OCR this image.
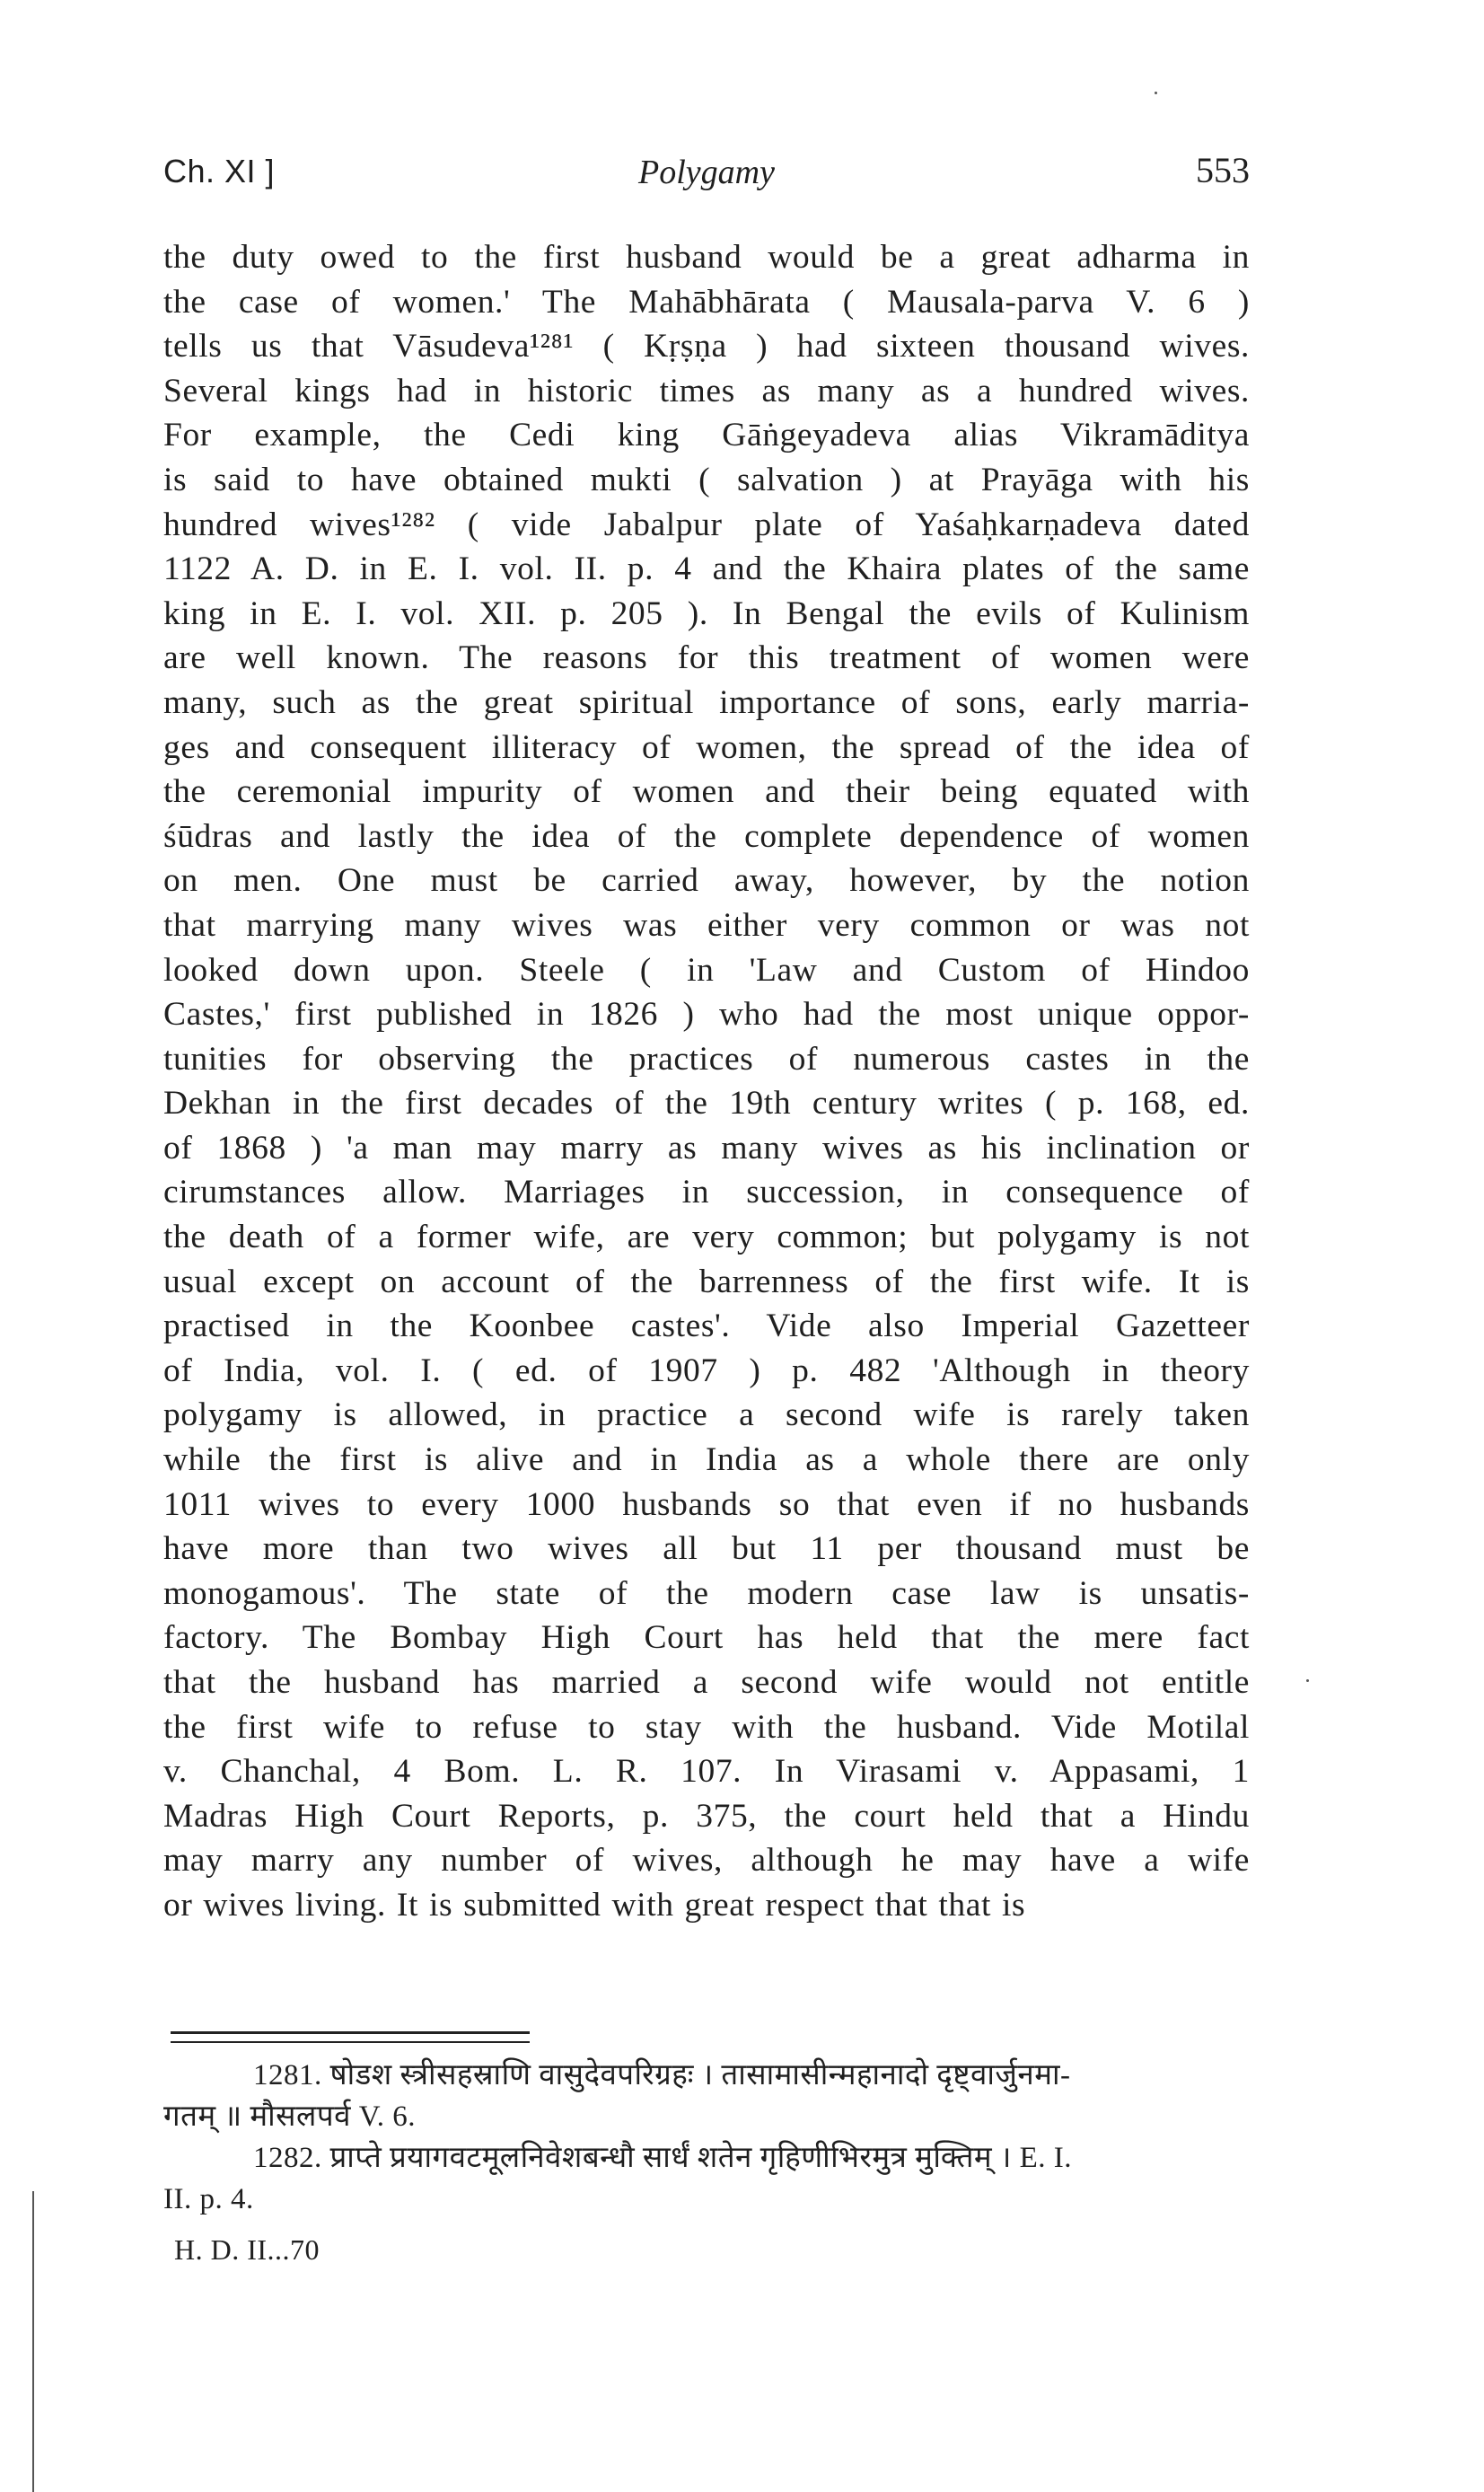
Ch. XI ]	Polygamy	553
the duty owed to the first husband would be a great adharma in
the case of women.' The Mahābhārata ( Mausala-parva V. 6 )
tells us that Vāsudeva¹²⁸¹ ( Kṛṣṇa ) had sixteen thousand wives.
Several kings had in historic times as many as a hundred wives.
For example, the Cedi king Gāṅgeyadeva alias Vikramāditya
is said to have obtained mukti ( salvation ) at Prayāga with his
hundred wives¹²⁸² ( vide Jabalpur plate of Yaśaḥkarṇadeva dated
1122 A. D. in E. I. vol. II. p. 4 and the Khaira plates of the same
king in E. I. vol. XII. p. 205 ). In Bengal the evils of Kulinism
are well known. The reasons for this treatment of women were
many, such as the great spiritual importance of sons, early marria-
ges and consequent illiteracy of women, the spread of the idea of
the ceremonial impurity of women and their being equated with
śūdras and lastly the idea of the complete dependence of women
on men. One must be carried away, however, by the notion
that marrying many wives was either very common or was not
looked down upon. Steele ( in 'Law and Custom of Hindoo
Castes,' first published in 1826 ) who had the most unique oppor-
tunities for observing the practices of numerous castes in the
Dekhan in the first decades of the 19th century writes ( p. 168, ed.
of 1868 ) 'a man may marry as many wives as his inclination or
cirumstances allow. Marriages in succession, in consequence of
the death of a former wife, are very common; but polygamy is not
usual except on account of the barrenness of the first wife. It is
practised in the Koonbee castes'. Vide also Imperial Gazetteer
of India, vol. I. ( ed. of 1907 ) p. 482 'Although in theory
polygamy is allowed, in practice a second wife is rarely taken
while the first is alive and in India as a whole there are only
1011 wives to every 1000 husbands so that even if no husbands
have more than two wives all but 11 per thousand must be
monogamous'. The state of the modern case law is unsatis-
factory. The Bombay High Court has held that the mere fact
that the husband has married a second wife would not entitle
the first wife to refuse to stay with the husband. Vide Motilal
v. Chanchal, 4 Bom. L. R. 107. In Virasami v. Appasami, 1
Madras High Court Reports, p. 375, the court held that a Hindu
may marry any number of wives, although he may have a wife
or wives living. It is submitted with great respect that that is
1281. षोडश स्त्रीसहस्राणि वासुदेवपरिग्रहः । तासामासीन्महानादो दृष्ट्वार्जुनमा-
गतम् ॥ मौसलपर्व V. 6.
1282. प्राप्ते प्रयागवटमूलनिवेशबन्धौ सार्धं शतेन गृहिणीभिरमुत्र मुक्तिम् । E. I.
II. p. 4.
H. D. II...70
